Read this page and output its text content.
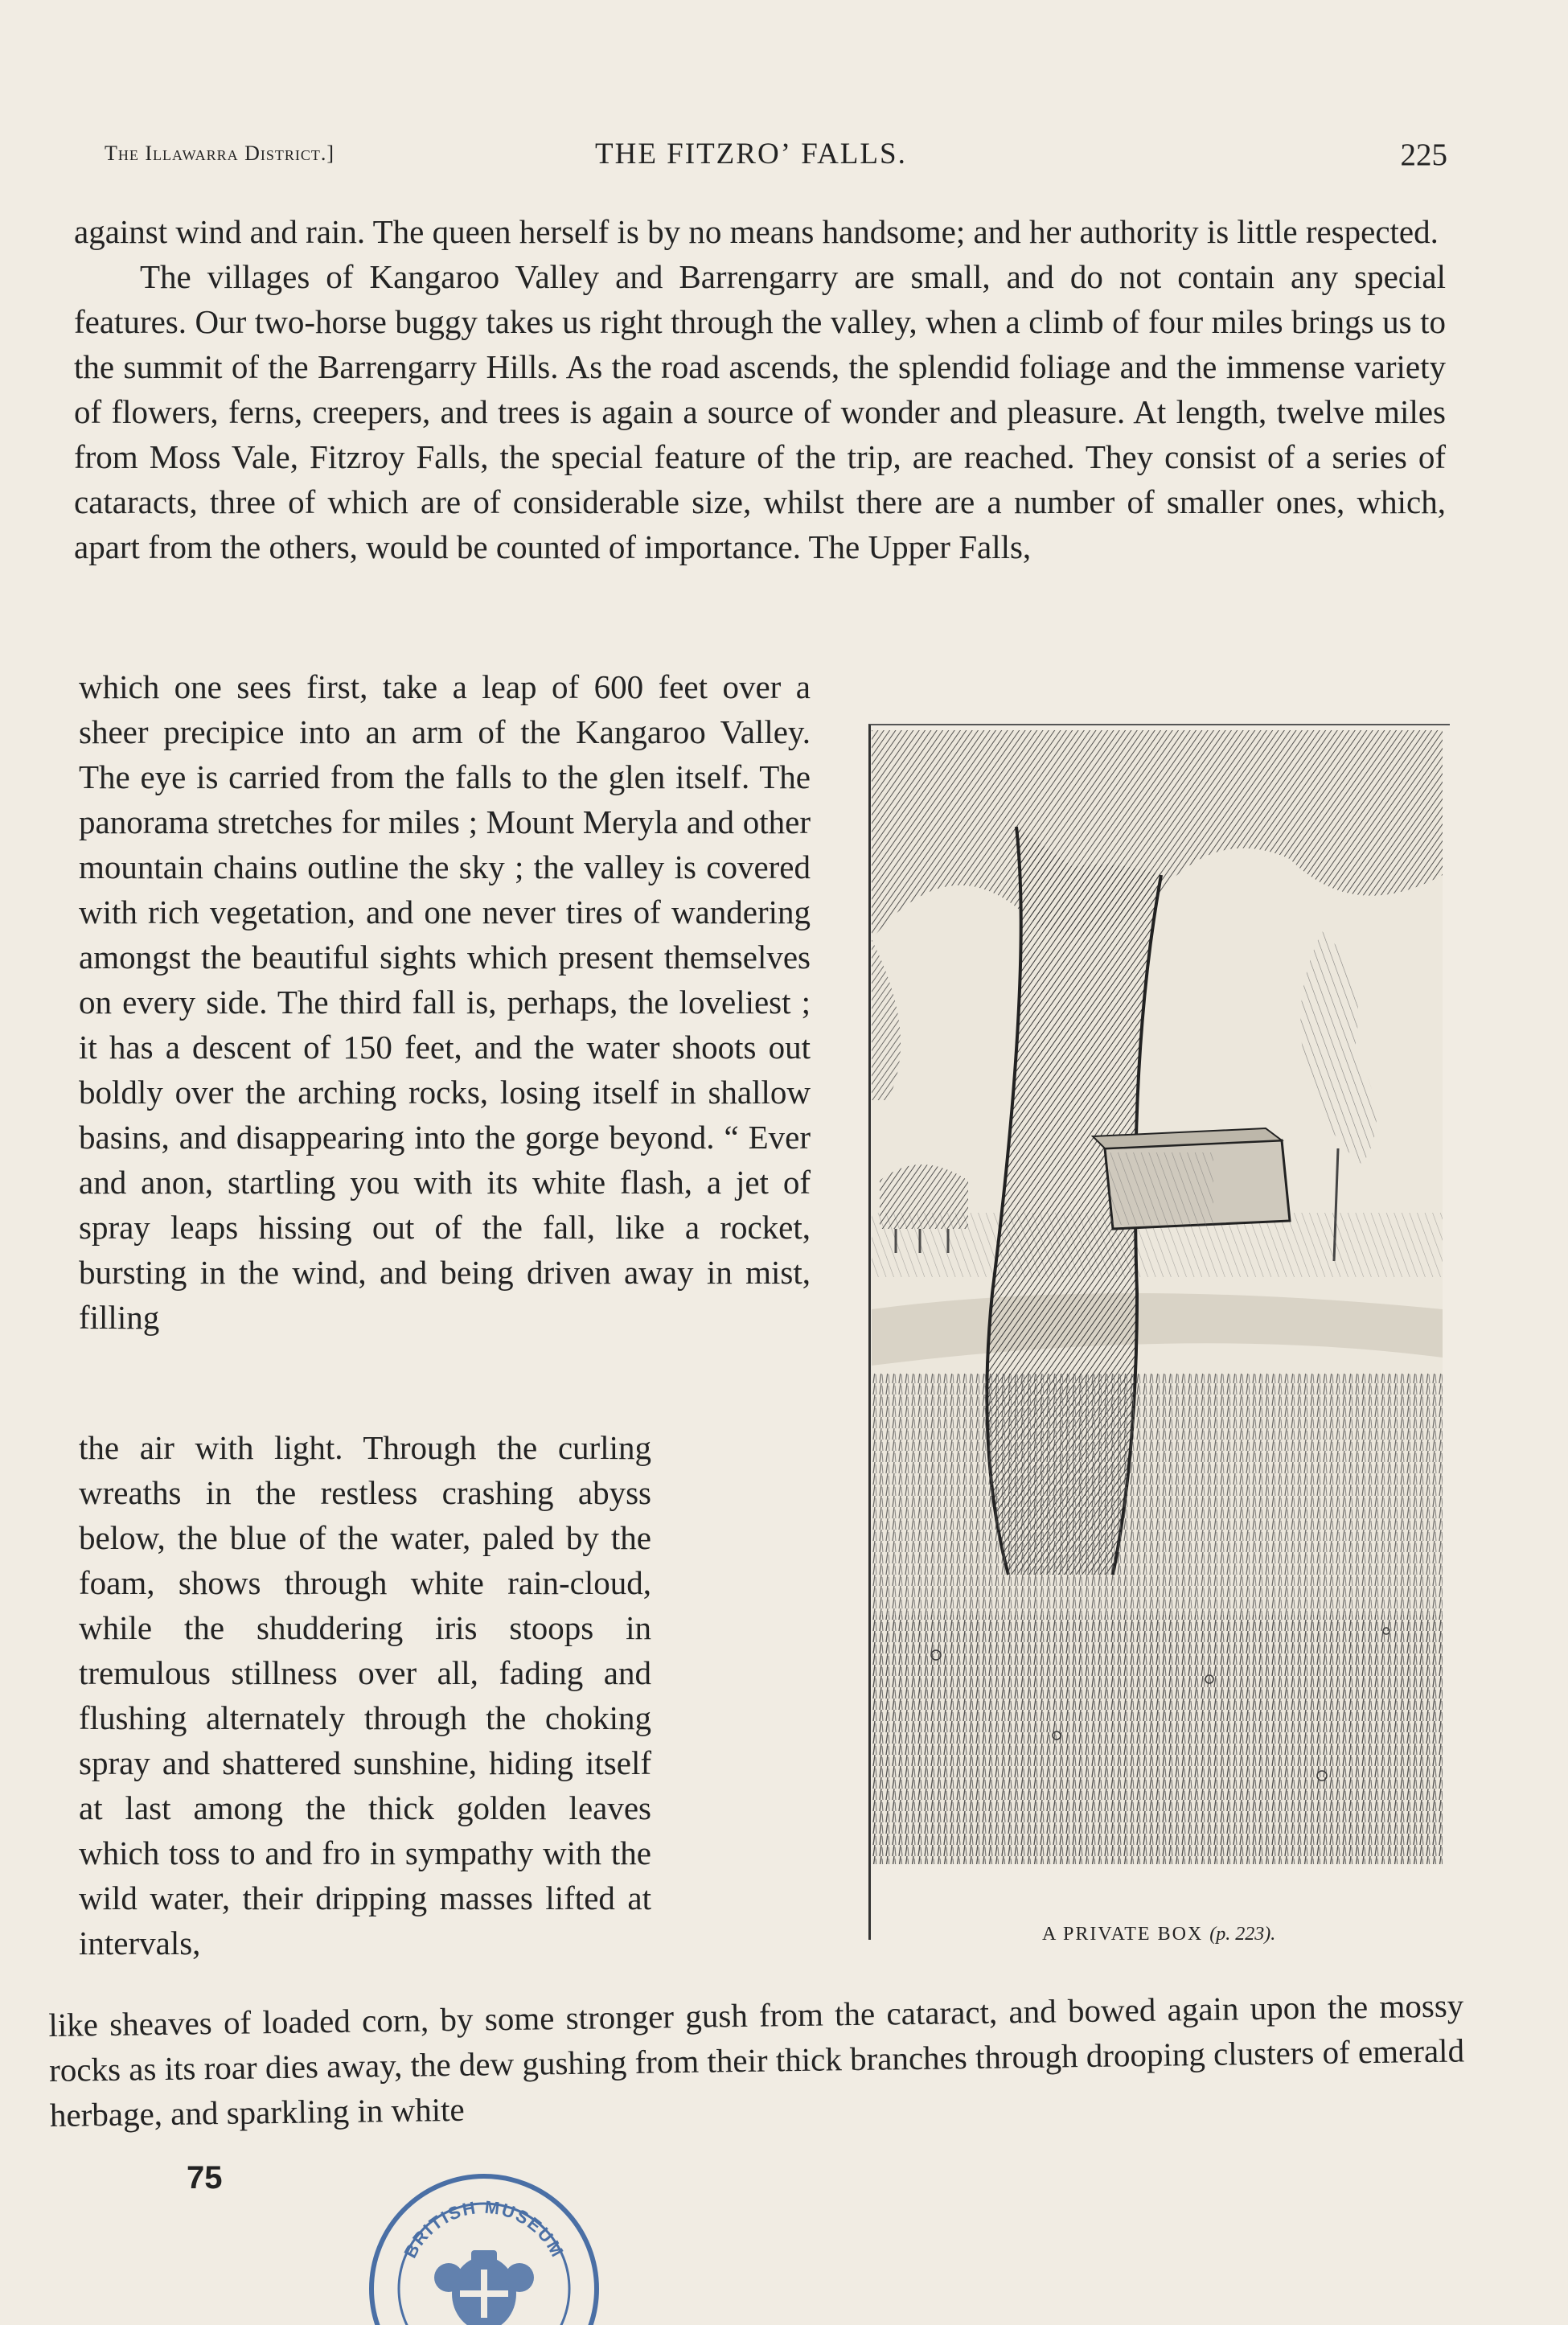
The Illawarra District.]	THE FITZROʼ FALLS.	225

against wind and rain. The queen herself is by no means handsome; and her authority is little respected.

The villages of Kangaroo Valley and Barrengarry are small, and do not contain any special features. Our two-horse buggy takes us right through the valley, when a climb of four miles brings us to the summit of the Barrengarry Hills. As the road ascends, the splendid foliage and the immense variety of flowers, ferns, creepers, and trees is again a source of wonder and pleasure. At length, twelve miles from Moss Vale, Fitzroy Falls, the special feature of the trip, are reached. They consist of a series of cataracts, three of which are of considerable size, whilst there are a number of smaller ones, which, apart from the others, would be counted of importance. The Upper Falls,

which one sees first, take a leap of 600 feet over a sheer precipice into an arm of the Kangaroo Valley. The eye is carried from the falls to the glen itself. The panorama stretches for miles ; Mount Meryla and other mountain chains outline the sky ; the valley is covered with rich vegetation, and one never tires of wandering amongst the beautiful sights which present themselves on every side. The third fall is, perhaps, the loveliest ; it has a descent of 150 feet, and the water shoots out boldly over the arching rocks, losing itself in shallow basins, and disappearing into the gorge beyond. “ Ever and anon, startling you with its white flash, a jet of spray leaps hissing out of the fall, like a rocket, bursting in the wind, and being driven away in mist, filling

the air with light. Through the curling wreaths in the restless crashing abyss below, the blue of the water, paled by the foam, shows through white rain-cloud, while the shuddering iris stoops in tremulous stillness over all, fading and flushing alternately through the choking spray and shattered sunshine, hiding itself at last among the thick golden leaves which toss to and fro in sympathy with the wild water, their dripping masses lifted at intervals,	A PRIVATE BOX (p. 223).

like sheaves of loaded corn, by some stronger gush from the cataract, and bowed again upon the mossy rocks as its roar dies away, the dew gushing from their thick branches through drooping clusters of emerald herbage, and sparkling in white

75
BRITISH MUSEUM
